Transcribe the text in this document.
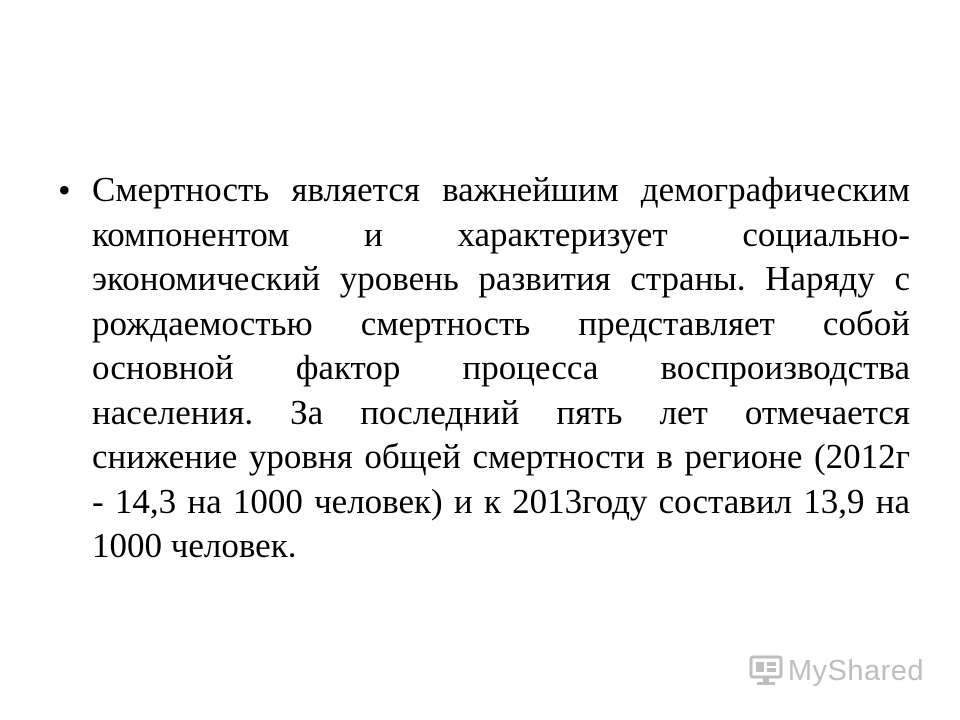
• Смертность является важнейшим демографическим компонентом и характеризует социально-экономический уровень развития страны. Наряду с рождаемостью смертность представляет собой основной фактор процесса воспроизводства населения. За последний пять лет отмечается снижение уровня общей смертности в регионе (2012г - 14,3 на 1000 человек) и к 2013году составил 13,9 на 1000 человек.

MyShared
